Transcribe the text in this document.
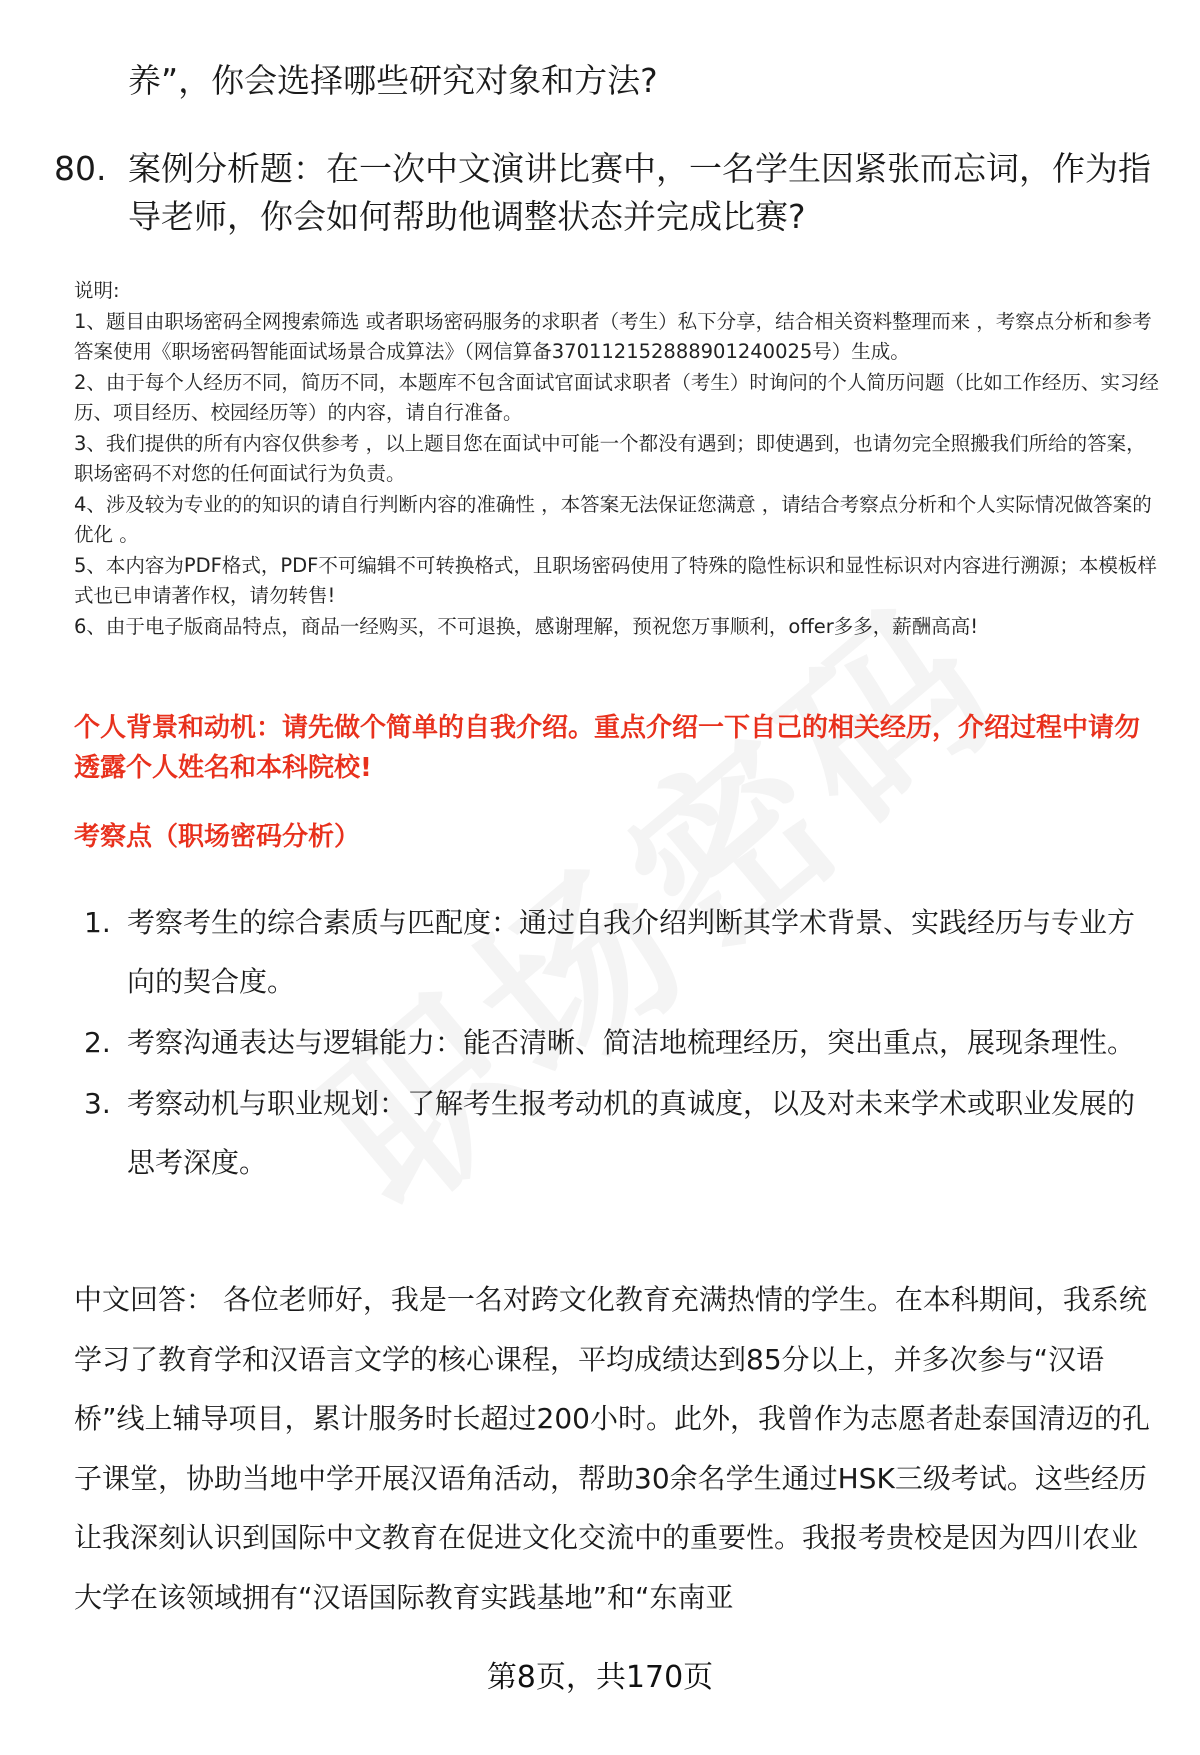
养”，你会选择哪些研究对象和方法?
80. 案例分析题：在一次中文演讲比赛中，一名学生因紧张而忘词，作为指导老师，你会如何帮助他调整状态并完成比赛?
说明:
1、题目由职场密码全网搜索筛选 或者职场密码服务的求职者（考生）私下分享，结合相关资料整理而来 ，考察点分析和参考答案使用《职场密码智能面试场景合成算法》（网信算备370112152888901240025号）生成。
2、由于每个人经历不同，简历不同，本题库不包含面试官面试求职者（考生）时询问的个人简历问题（比如工作经历、实习经历、项目经历、校园经历等）的内容，请自行准备。
3、我们提供的所有内容仅供参考 ，以上题目您在面试中可能一个都没有遇到；即使遇到，也请勿完全照搬我们所给的答案，职场密码不对您的任何面试行为负责。
4、涉及较为专业的的知识的请自行判断内容的准确性 ，本答案无法保证您满意 ，请结合考察点分析和个人实际情况做答案的优化 。
5、本内容为PDF格式，PDF不可编辑不可转换格式，且职场密码使用了特殊的隐性标识和显性标识对内容进行溯源；本模板样式也已申请著作权，请勿转售!
6、由于电子版商品特点，商品一经购买，不可退换，感谢理解，预祝您万事顺利，offer多多，薪酬高高!
个人背景和动机：请先做个简单的自我介绍。重点介绍一下自己的相关经历，介绍过程中请勿透露个人姓名和本科院校!
考察点（职场密码分析）
1. 考察考生的综合素质与匹配度：通过自我介绍判断其学术背景、实践经历与专业方向的契合度。
2. 考察沟通表达与逻辑能力：能否清晰、简洁地梳理经历，突出重点，展现条理性。
3. 考察动机与职业规划：了解考生报考动机的真诚度，以及对未来学术或职业发展的思考深度。
中文回答： 各位老师好，我是一名对跨文化教育充满热情的学生。在本科期间，我系统学习了教育学和汉语言文学的核心课程，平均成绩达到85分以上，并多次参与“汉语桥”线上辅导项目，累计服务时长超过200小时。此外，我曾作为志愿者赴泰国清迈的孔子课堂，协助当地中学开展汉语角活动，帮助30余名学生通过HSK三级考试。这些经历让我深刻认识到国际中文教育在促进文化交流中的重要性。我报考贵校是因为四川农业大学在该领域拥有“汉语国际教育实践基地”和“东南亚
第8页，共170页
